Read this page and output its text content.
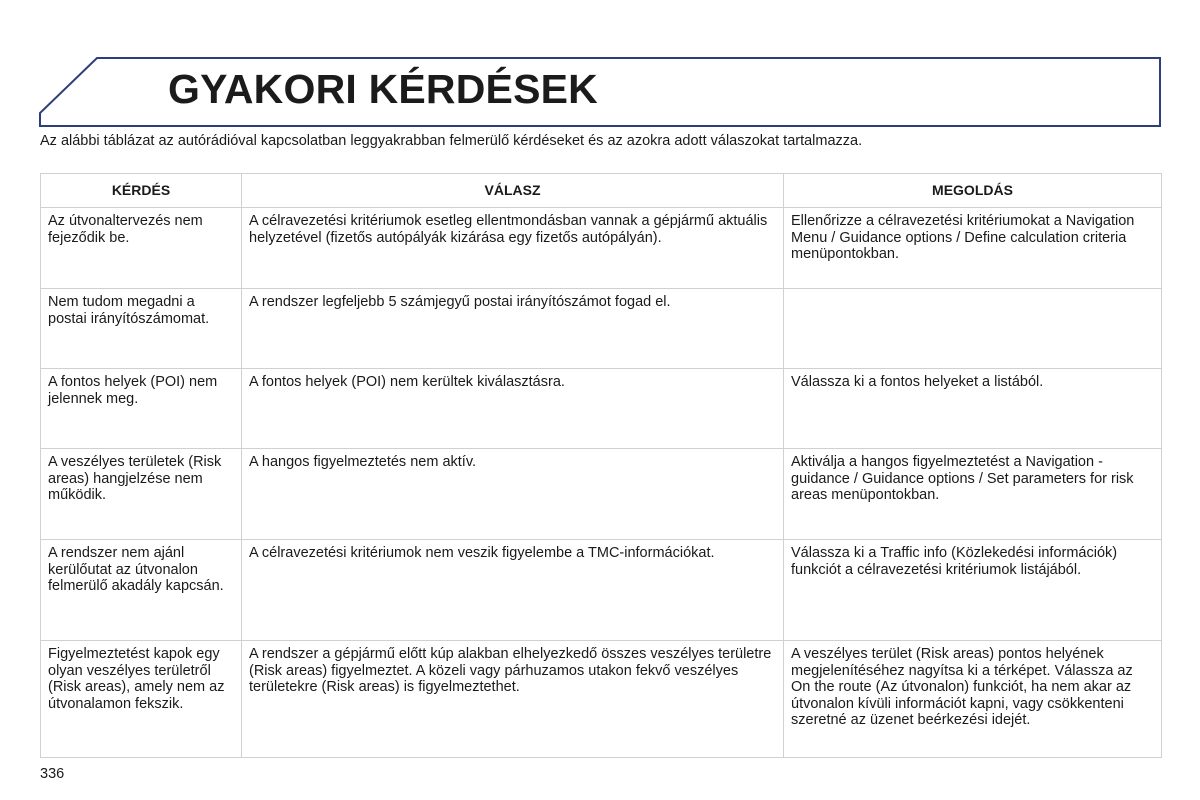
GYAKORI KÉRDÉSEK

Az alábbi táblázat az autórádióval kapcsolatban leggyakrabban felmerülő kérdéseket és az azokra adott válaszokat tartalmazza.

KÉRDÉS	VÁLASZ	MEGOLDÁS
Az útvonaltervezés nem fejeződik be.	A célravezetési kritériumok esetleg ellentmondásban vannak a gépjármű aktuális helyzetével (fizetős autópályák kizárása egy fizetős autópályán).	Ellenőrizze a célravezetési kritériumokat a Navigation Menu / Guidance options / Define calculation criteria menüpontokban.
Nem tudom megadni a postai irányítószámomat.	A rendszer legfeljebb 5 számjegyű postai irányítószámot fogad el.	
A fontos helyek (POI) nem jelennek meg.	A fontos helyek (POI) nem kerültek kiválasztásra.	Válassza ki a fontos helyeket a listából.
A veszélyes területek (Risk areas) hangjelzése nem működik.	A hangos figyelmeztetés nem aktív.	Aktiválja a hangos figyelmeztetést a Navigation - guidance / Guidance options / Set parameters for risk areas menüpontokban.
A rendszer nem ajánl kerülőutat az útvonalon felmerülő akadály kapcsán.	A célravezetési kritériumok nem veszik figyelembe a TMC-információkat.	Válassza ki a Traffic info (Közlekedési információk) funkciót a célravezetési kritériumok listájából.
Figyelmeztetést kapok egy olyan veszélyes területről (Risk areas), amely nem az útvonalamon fekszik.	A rendszer a gépjármű előtt kúp alakban elhelyezkedő összes veszélyes területre (Risk areas) figyelmeztet. A közeli vagy párhuzamos utakon fekvő veszélyes területekre (Risk areas) is figyelmeztethet.	A veszélyes terület (Risk areas) pontos helyének megjelenítéséhez nagyítsa ki a térképet. Válassza az On the route (Az útvonalon) funkciót, ha nem akar az útvonalon kívüli információt kapni, vagy csökkenteni szeretné az üzenet beérkezési idejét.
336
